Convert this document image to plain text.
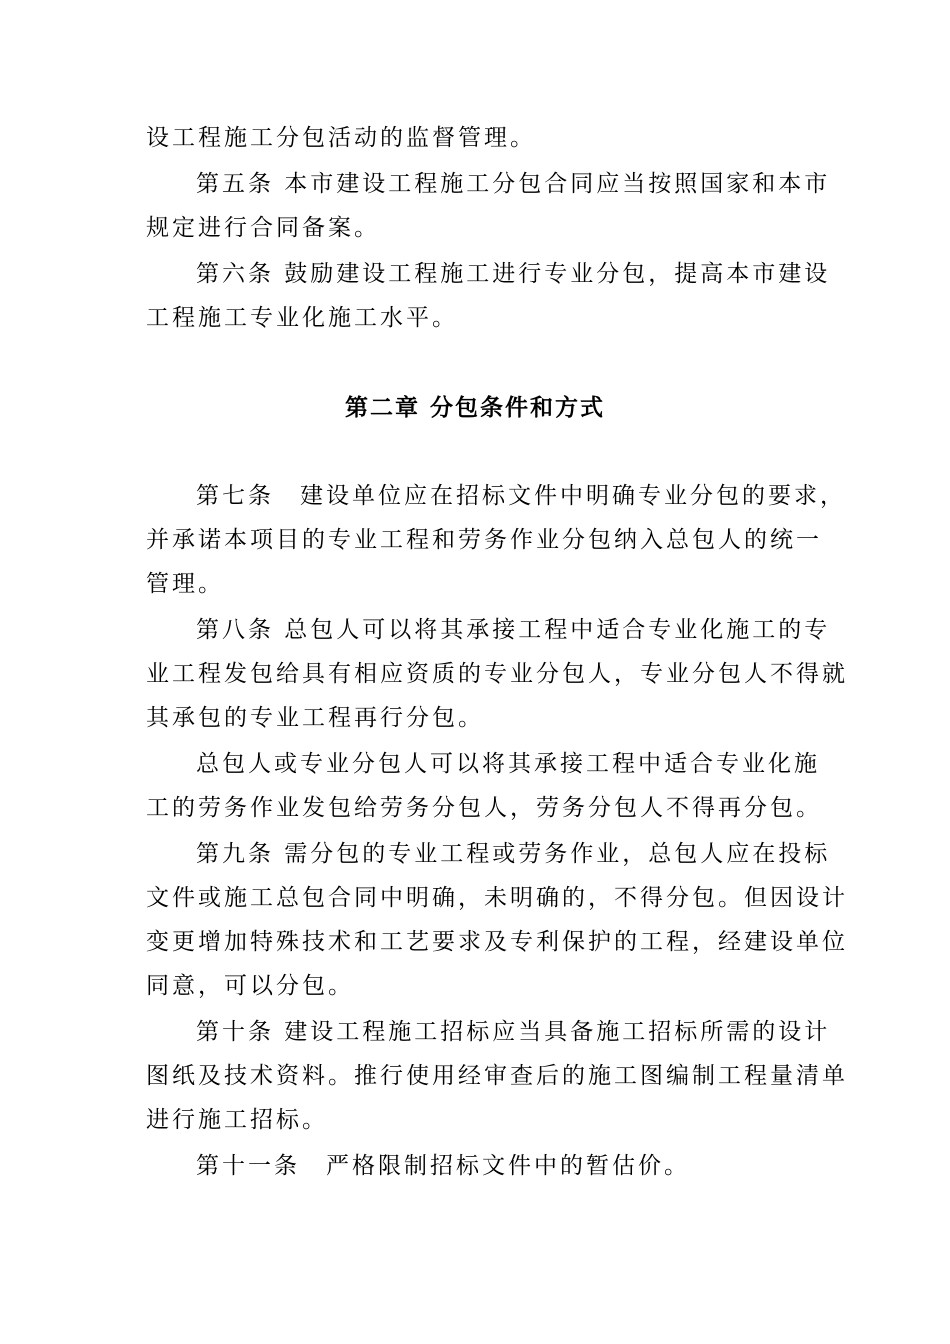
设工程施工分包活动的监督管理。
第五条 本市建设工程施工分包合同应当按照国家和本市
规定进行合同备案。
第六条 鼓励建设工程施工进行专业分包，提高本市建设
工程施工专业化施工水平。
第二章 分包条件和方式
第七条　建设单位应在招标文件中明确专业分包的要求，
并承诺本项目的专业工程和劳务作业分包纳入总包人的统一
管理。
第八条 总包人可以将其承接工程中适合专业化施工的专
业工程发包给具有相应资质的专业分包人，专业分包人不得就
其承包的专业工程再行分包。
总包人或专业分包人可以将其承接工程中适合专业化施
工的劳务作业发包给劳务分包人，劳务分包人不得再分包。
第九条 需分包的专业工程或劳务作业，总包人应在投标
文件或施工总包合同中明确，未明确的，不得分包。但因设计
变更增加特殊技术和工艺要求及专利保护的工程，经建设单位
同意，可以分包。
第十条 建设工程施工招标应当具备施工招标所需的设计
图纸及技术资料。推行使用经审查后的施工图编制工程量清单
进行施工招标。
第十一条　严格限制招标文件中的暂估价。
